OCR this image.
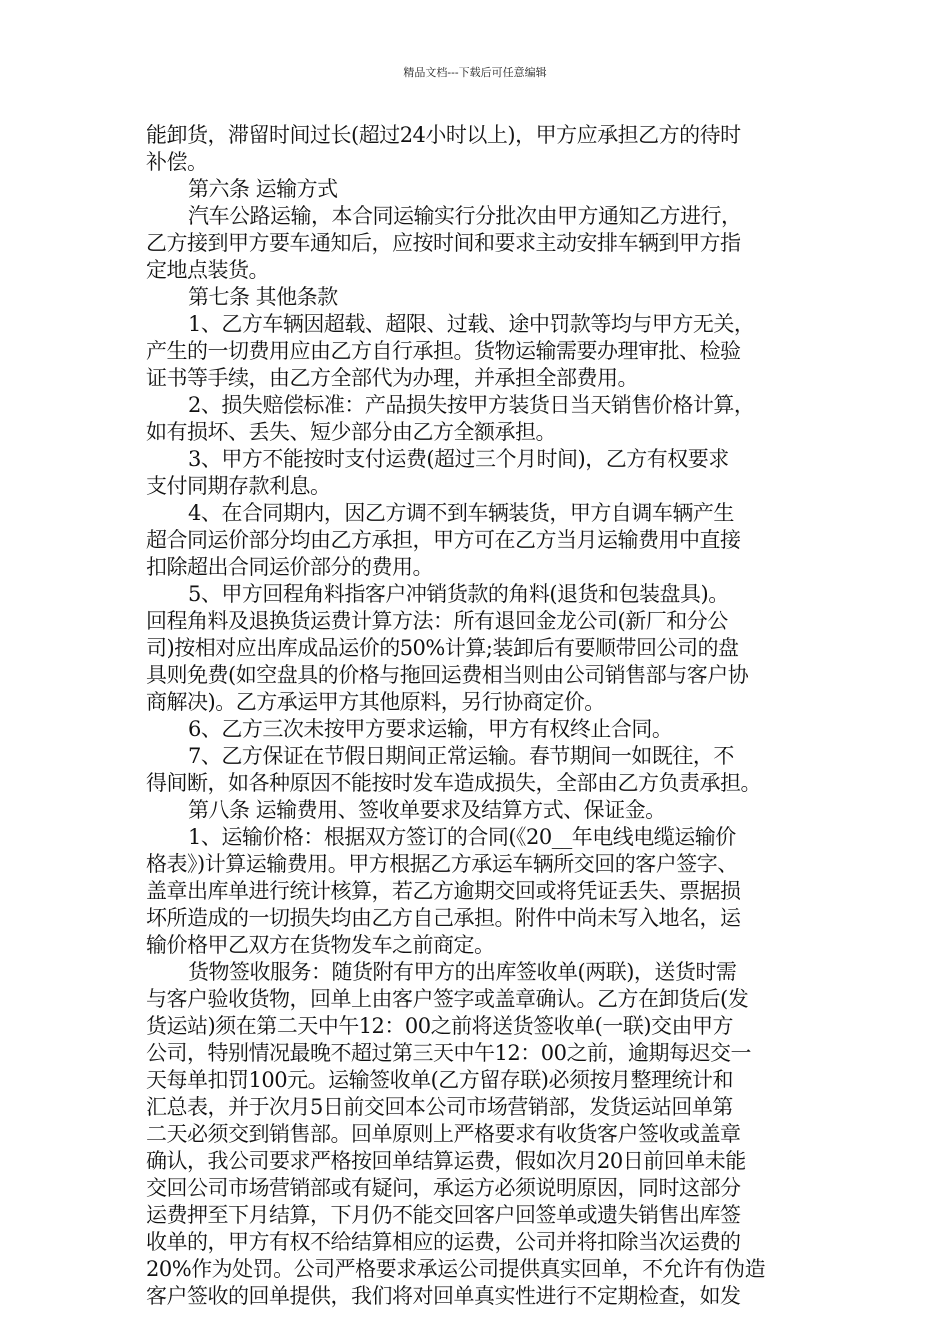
精品文档---下载后可任意编辑
能卸货，滞留时间过长(超过24小时以上)，甲方应承担乙方的待时
补偿。
第六条 运输方式
汽车公路运输，本合同运输实行分批次由甲方通知乙方进行，
乙方接到甲方要车通知后，应按时间和要求主动安排车辆到甲方指
定地点装货。
第七条 其他条款
1、乙方车辆因超载、超限、过载、途中罚款等均与甲方无关，
产生的一切费用应由乙方自行承担。货物运输需要办理审批、检验
证书等手续，由乙方全部代为办理，并承担全部费用。
2、损失赔偿标准：产品损失按甲方装货日当天销售价格计算，
如有损坏、丢失、短少部分由乙方全额承担。
3、甲方不能按时支付运费(超过三个月时间)，乙方有权要求
支付同期存款利息。
4、在合同期内，因乙方调不到车辆装货，甲方自调车辆产生
超合同运价部分均由乙方承担，甲方可在乙方当月运输费用中直接
扣除超出合同运价部分的费用。
5、甲方回程角料指客户冲销货款的角料(退货和包装盘具)。
回程角料及退换货运费计算方法：所有退回金龙公司(新厂和分公
司)按相对应出库成品运价的50%计算;装卸后有要顺带回公司的盘
具则免费(如空盘具的价格与拖回运费相当则由公司销售部与客户协
商解决)。乙方承运甲方其他原料，另行协商定价。
6、乙方三次未按甲方要求运输，甲方有权终止合同。
7、乙方保证在节假日期间正常运输。春节期间一如既往，不
得间断，如各种原因不能按时发车造成损失，全部由乙方负责承担。
第八条 运输费用、签收单要求及结算方式、保证金。
1、运输价格：根据双方签订的合同(《20__年电线电缆运输价
格表》)计算运输费用。甲方根据乙方承运车辆所交回的客户签字、
盖章出库单进行统计核算，若乙方逾期交回或将凭证丢失、票据损
坏所造成的一切损失均由乙方自己承担。附件中尚未写入地名，运
输价格甲乙双方在货物发车之前商定。
货物签收服务：随货附有甲方的出库签收单(两联)，送货时需
与客户验收货物，回单上由客户签字或盖章确认。乙方在卸货后(发
货运站)须在第二天中午12：00之前将送货签收单(一联)交由甲方
公司，特别情况最晚不超过第三天中午12：00之前，逾期每迟交一
天每单扣罚100元。运输签收单(乙方留存联)必须按月整理统计和
汇总表，并于次月5日前交回本公司市场营销部，发货运站回单第
二天必须交到销售部。回单原则上严格要求有收货客户签收或盖章
确认，我公司要求严格按回单结算运费，假如次月20日前回单未能
交回公司市场营销部或有疑问，承运方必须说明原因，同时这部分
运费押至下月结算，下月仍不能交回客户回签单或遗失销售出库签
收单的，甲方有权不给结算相应的运费，公司并将扣除当次运费的
20%作为处罚。公司严格要求承运公司提供真实回单，不允许有伪造
客户签收的回单提供，我们将对回单真实性进行不定期检查，如发
